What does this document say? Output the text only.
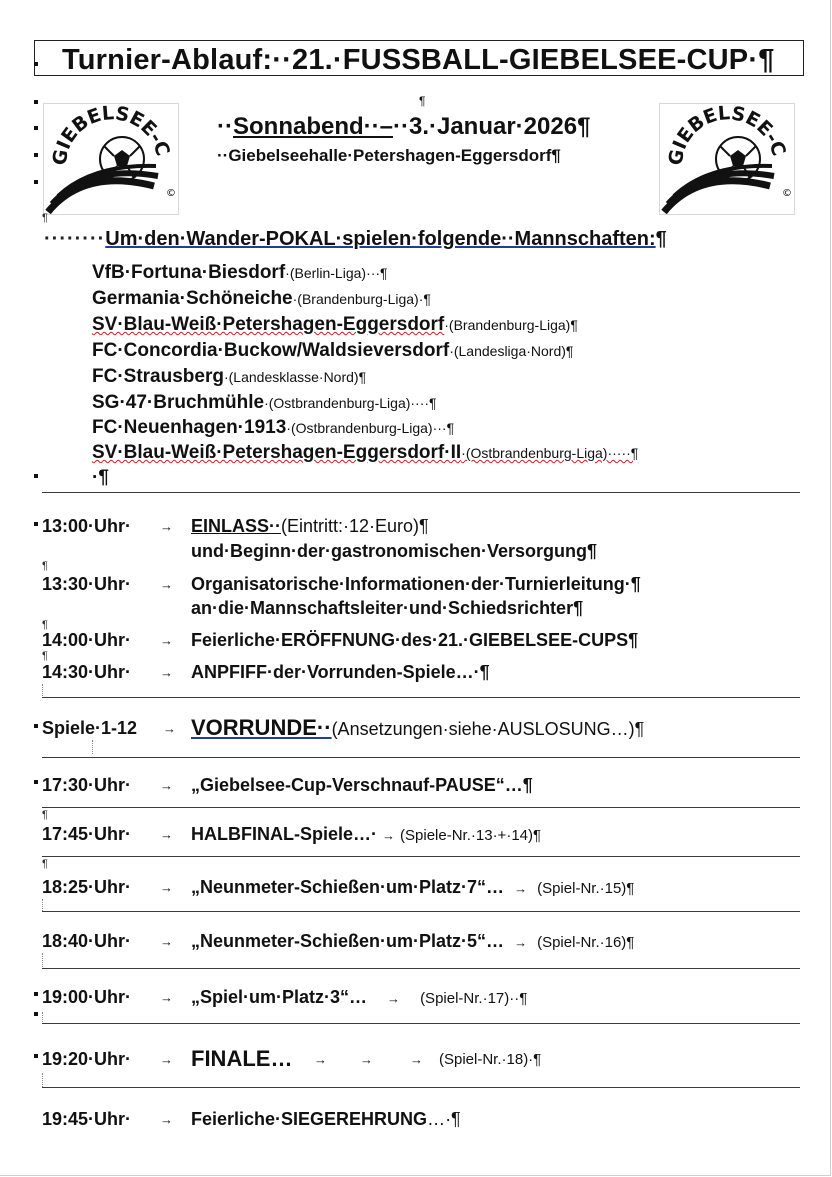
Turnier-Ablauf:··21.·FUSSBALL-GIEBELSEE-CUP·¶
GIEBELSEE-C
©
GIEBELSEE-C
©
¶
··Sonnabend··–··3.·Januar·2026¶
··Giebelseehalle·Petershagen-Eggersdorf¶
¶
········Um·den·Wander-POKAL·spielen·folgende··Mannschaften:¶
VfB·Fortuna·Biesdorf·(Berlin-Liga)···¶
Germania·Schöneiche·(Brandenburg-Liga)·¶
SV·Blau-Weiß·Petershagen-Eggersdorf·(Brandenburg-Liga)¶
FC·Concordia·Buckow/Waldsieversdorf·(Landesliga·Nord)¶
FC·Strausberg·(Landesklasse·Nord)¶
SG·47·Bruchmühle·(Ostbrandenburg-Liga)····¶
FC·Neuenhagen·1913·(Ostbrandenburg-Liga)···¶
SV·Blau-Weiß·Petershagen-Eggersdorf·II·(Ostbrandenburg-Liga)·····¶
·¶
13:00·Uhr· → EINLASS··(Eintritt:·12·Euro)¶
und·Beginn·der·gastronomischen·Versorgung¶
¶
13:30·Uhr· → Organisatorische·Informationen·der·Turnierleitung·¶
an·die·Mannschaftsleiter·und·Schiedsrichter¶
¶
14:00·Uhr· → Feierliche·ERÖFFNUNG·des·21.·GIEBELSEE-CUPS¶
¶
14:30·Uhr· → ANPFIFF·der·Vorrunden-Spiele…·¶
Spiele·1-12 → VORRUNDE··(Ansetzungen·siehe·AUSLOSUNG…)¶
17:30·Uhr· → „Giebelsee-Cup-Verschnauf-PAUSE“…¶
¶
17:45·Uhr· → HALBFINAL-Spiele…· → (Spiele-Nr.·13·+·14)¶
¶
18:25·Uhr· → „Neunmeter-Schießen·um·Platz·7“… → (Spiel-Nr.·15)¶
18:40·Uhr· → „Neunmeter-Schießen·um·Platz·5“… → (Spiel-Nr.·16)¶
19:00·Uhr· → „Spiel·um·Platz·3“… → (Spiel-Nr.·17)··¶
19:20·Uhr· → FINALE… →	→	→ (Spiel-Nr.·18)·¶
19:45·Uhr· → Feierliche·SIEGEREHRUNG…·¶
